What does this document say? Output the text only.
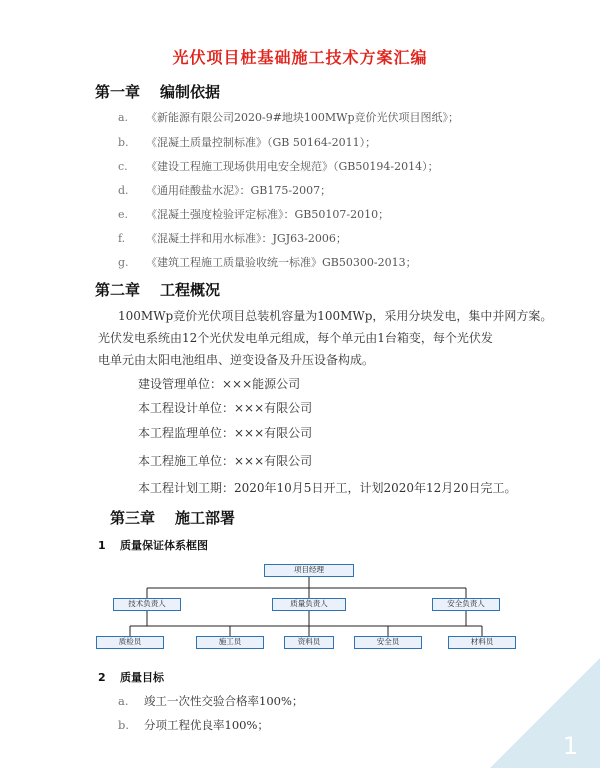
光伏项目桩基础施工技术方案汇编
第一章 编制依据
a. 《新能源有限公司2020-9#地块100MWp竞价光伏项目图纸》；
b. 《混凝土质量控制标准》（GB 50164-2011）；
c. 《建设工程施工现场供用电安全规范》（GB50194-2014）；
d. 《通用硅酸盐水泥》：GB175-2007；
e. 《混凝土强度检验评定标准》：GB50107-2010；
f. 《混凝土拌和用水标准》：JGJ63-2006；
g. 《建筑工程施工质量验收统一标准》GB50300-2013；
第二章 工程概况
100MWp竞价光伏项目总装机容量为100MWp，采用分块发电，集中并网方案。
光伏发电系统由12个光伏发电单元组成，每个单元由1台箱变，每个光伏发
电单元由太阳电池组串、逆变设备及升压设备构成。
建设管理单位：×××能源公司
本工程设计单位：×××有限公司
本工程监理单位：×××有限公司
本工程施工单位：×××有限公司
本工程计划工期：2020年10月5日开工，计划2020年12月20日完工。
第三章 施工部署
1 质量保证体系框图
项目经理
技术负责人	质量负责人	安全负责人
质检员	施工员	资料员	安全员	材料员
2 质量目标
a. 竣工一次性交验合格率100%；
b. 分项工程优良率100%；
1
